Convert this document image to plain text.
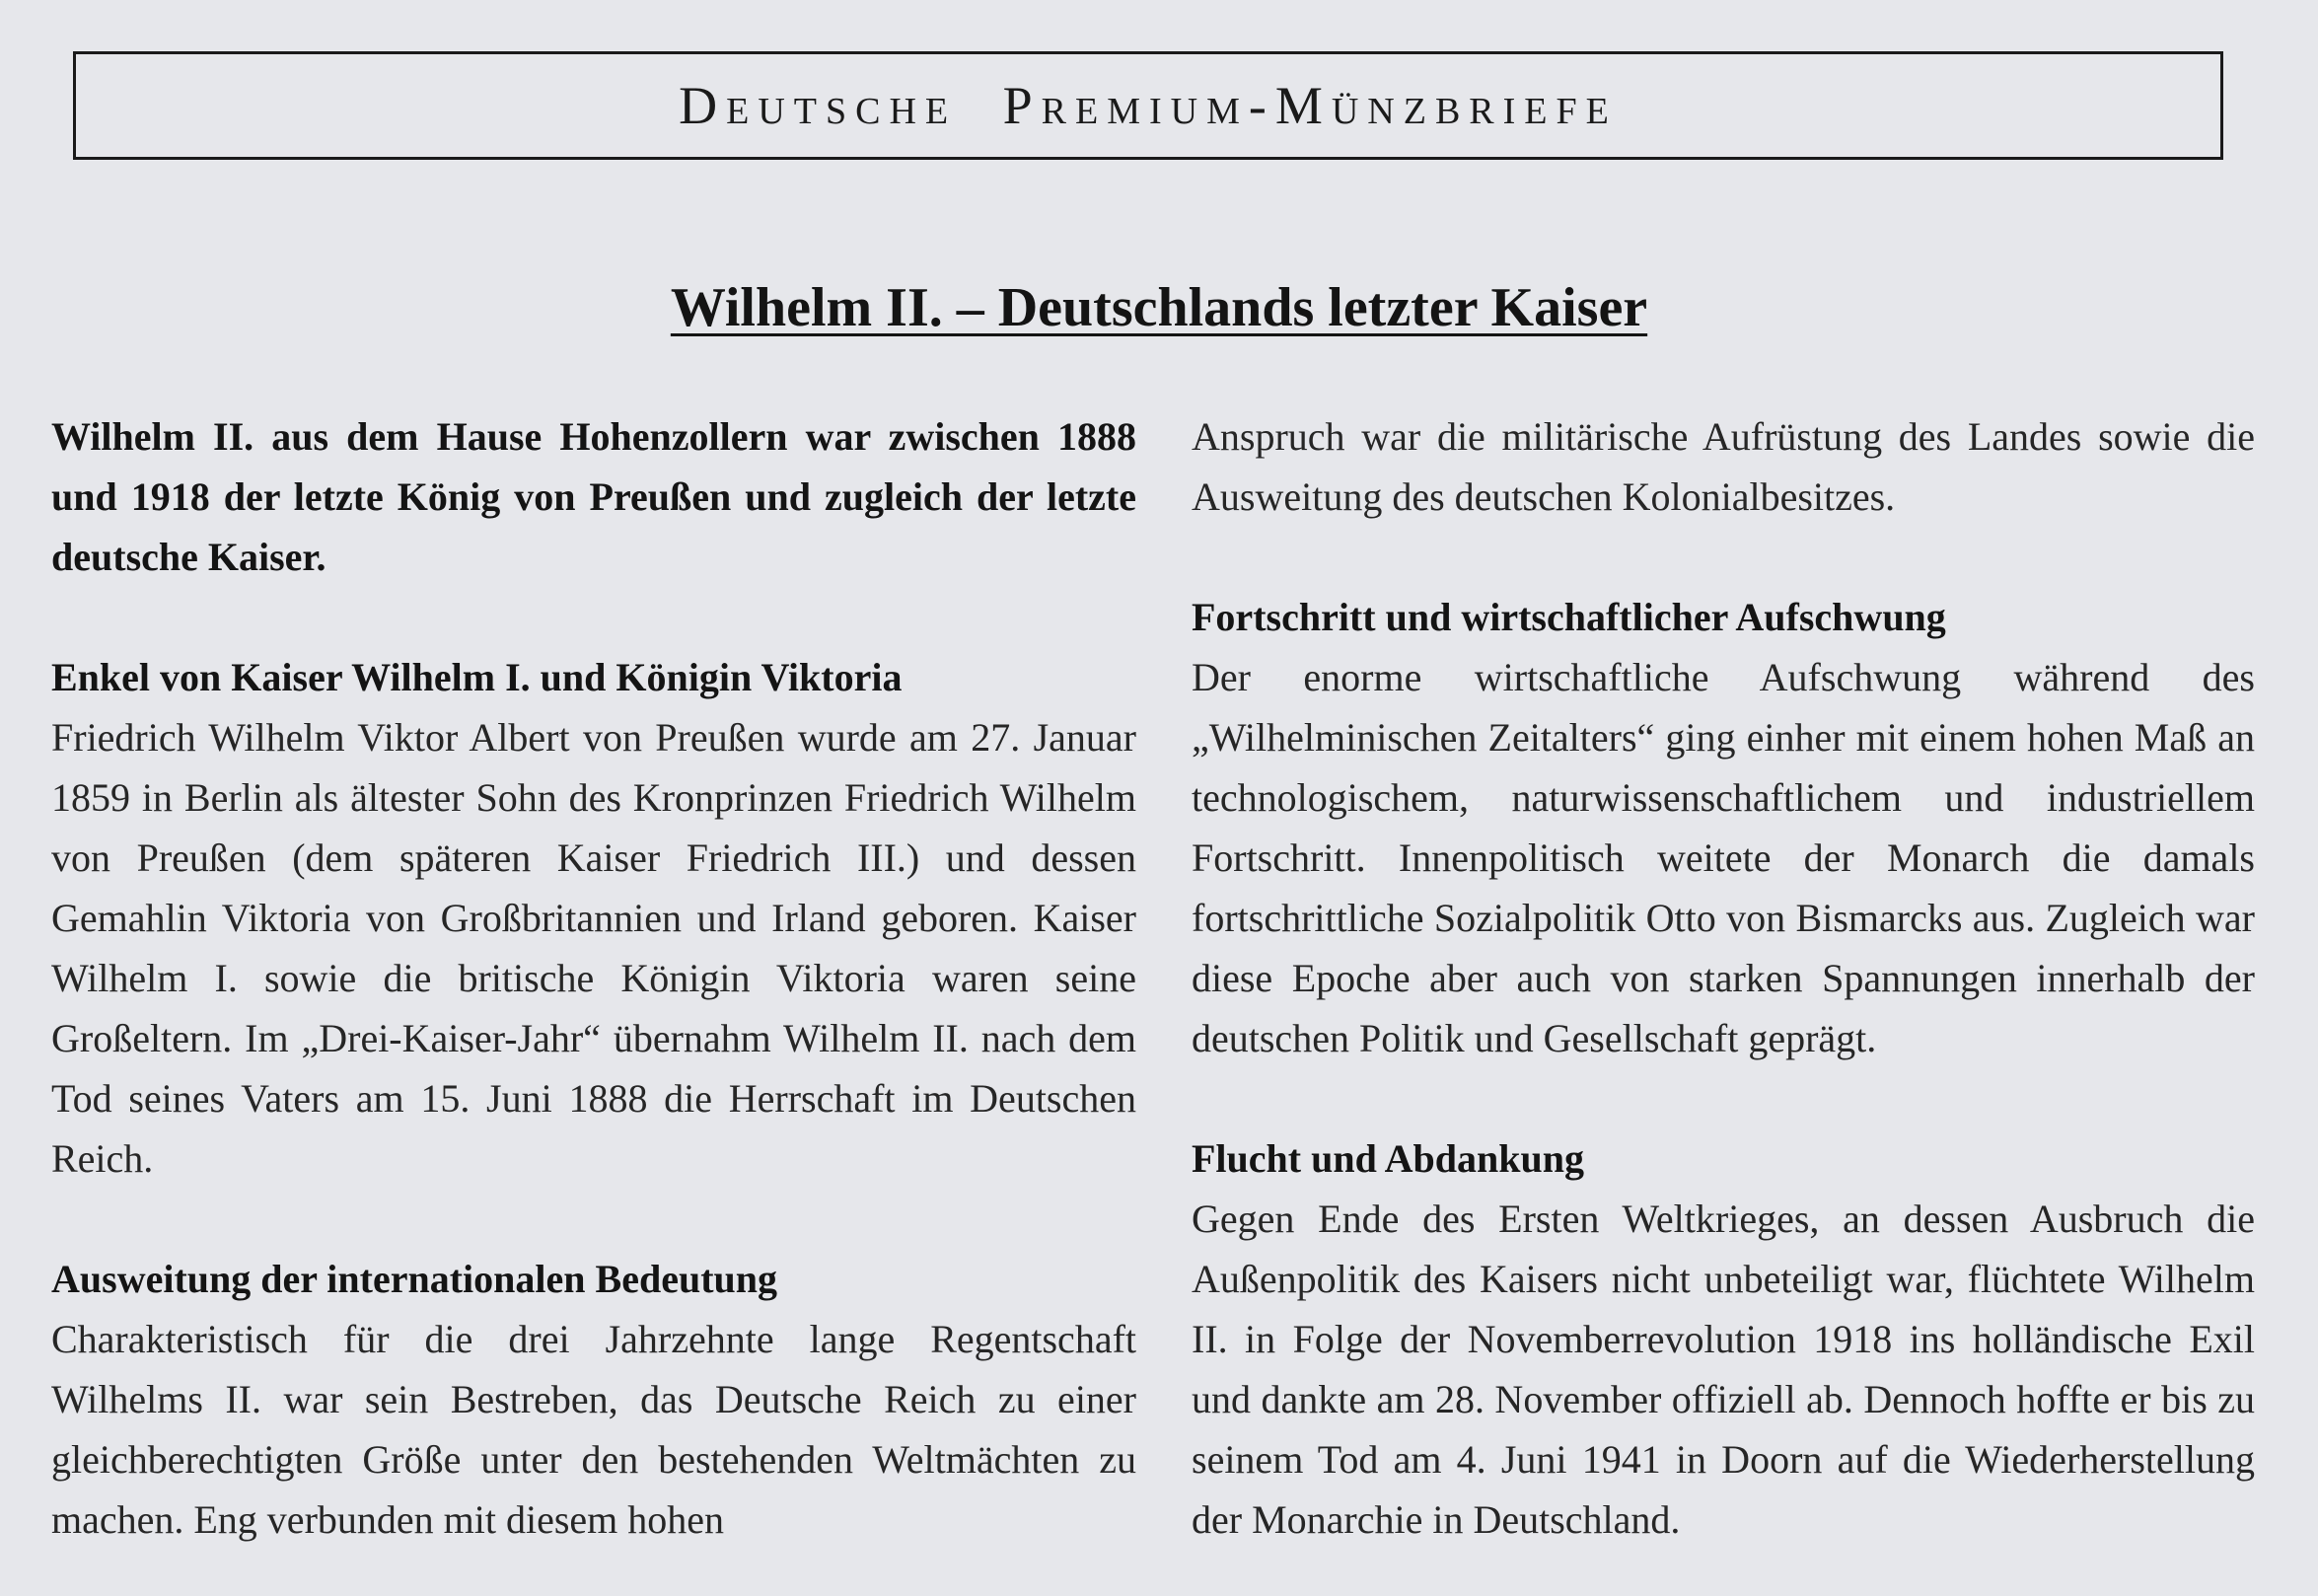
Deutsche Premium-Münzbriefe
Wilhelm II. – Deutschlands letzter Kaiser

Wilhelm II. aus dem Hause Hohenzollern war zwischen 1888 und 1918 der letzte König von Preußen und zugleich der letzte deutsche Kaiser.

Enkel von Kaiser Wilhelm I. und Königin Viktoria

Friedrich Wilhelm Viktor Albert von Preußen wurde am 27. Januar 1859 in Berlin als ältester Sohn des Kronprinzen Friedrich Wilhelm von Preußen (dem späteren Kaiser Friedrich III.) und dessen Gemahlin Viktoria von Großbritannien und Irland geboren. Kaiser Wilhelm I. sowie die britische Königin Viktoria waren seine Großeltern. Im „Drei-Kaiser-Jahr“ übernahm Wilhelm II. nach dem Tod seines Vaters am 15. Juni 1888 die Herrschaft im Deutschen Reich.

Ausweitung der internationalen Bedeutung

Charakteristisch für die drei Jahrzehnte lange Regentschaft Wilhelms II. war sein Bestreben, das Deutsche Reich zu einer gleichberechtigten Größe unter den bestehenden Weltmächten zu machen. Eng verbunden mit diesem hohen

Anspruch war die militärische Aufrüstung des Landes sowie die Ausweitung des deutschen Kolonialbesitzes.

Fortschritt und wirtschaftlicher Aufschwung

Der enorme wirtschaftliche Aufschwung während des „Wilhelminischen Zeitalters“ ging einher mit einem hohen Maß an technologischem, naturwissenschaftlichem und industriellem Fortschritt. Innenpolitisch weitete der Monarch die damals fortschrittliche Sozialpolitik Otto von Bismarcks aus. Zugleich war diese Epoche aber auch von starken Spannungen innerhalb der deutschen Politik und Gesellschaft geprägt.

Flucht und Abdankung

Gegen Ende des Ersten Weltkrieges, an dessen Ausbruch die Außenpolitik des Kaisers nicht unbeteiligt war, flüchtete Wilhelm II. in Folge der Novemberrevolution 1918 ins holländische Exil und dankte am 28. November offiziell ab. Dennoch hoffte er bis zu seinem Tod am 4. Juni 1941 in Doorn auf die Wiederherstellung der Monarchie in Deutschland.
